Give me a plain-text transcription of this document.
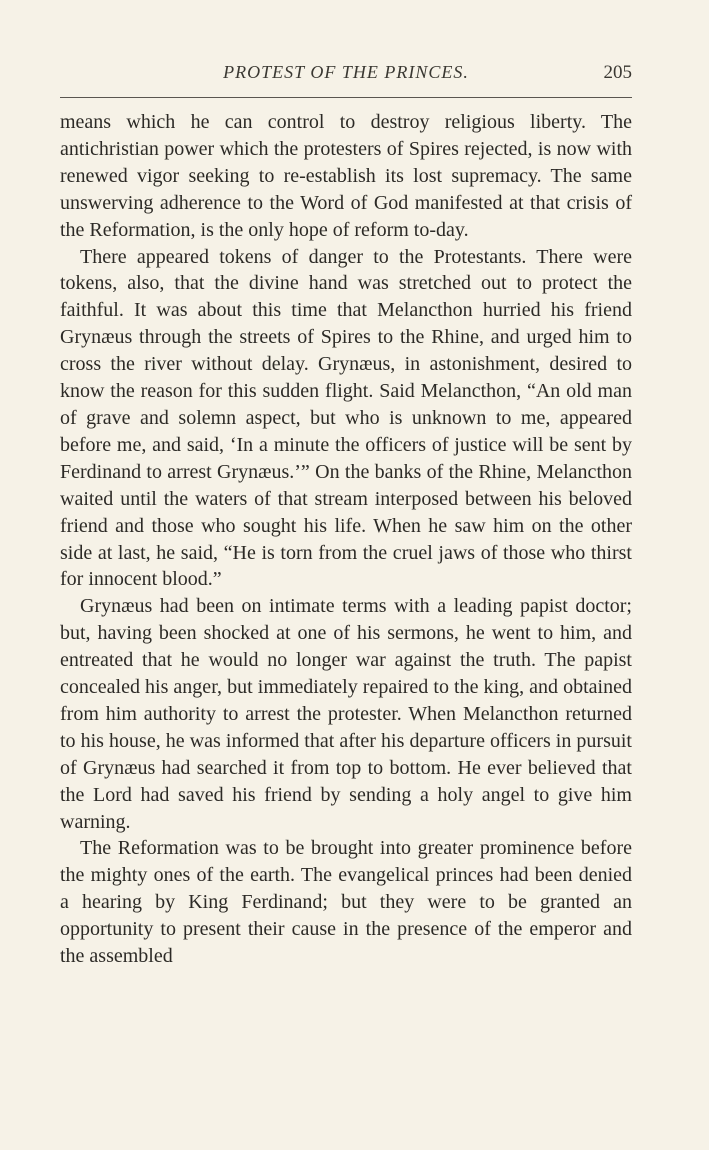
PROTEST OF THE PRINCES.	205

means which he can control to destroy religious liberty. The antichristian power which the protesters of Spires rejected, is now with renewed vigor seeking to re-establish its lost supremacy. The same unswerving adherence to the Word of God manifested at that crisis of the Reformation, is the only hope of reform to-day.

There appeared tokens of danger to the Protestants. There were tokens, also, that the divine hand was stretched out to protect the faithful. It was about this time that Melancthon hurried his friend Grynæus through the streets of Spires to the Rhine, and urged him to cross the river without delay. Grynæus, in astonishment, desired to know the reason for this sudden flight. Said Melancthon, “An old man of grave and solemn aspect, but who is unknown to me, appeared before me, and said, ‘In a minute the officers of justice will be sent by Ferdinand to arrest Grynæus.’” On the banks of the Rhine, Melancthon waited until the waters of that stream interposed between his beloved friend and those who sought his life. When he saw him on the other side at last, he said, “He is torn from the cruel jaws of those who thirst for innocent blood.”

Grynæus had been on intimate terms with a leading papist doctor; but, having been shocked at one of his sermons, he went to him, and entreated that he would no longer war against the truth. The papist concealed his anger, but immediately repaired to the king, and obtained from him authority to arrest the protester. When Melancthon returned to his house, he was informed that after his departure officers in pursuit of Grynæus had searched it from top to bottom. He ever believed that the Lord had saved his friend by sending a holy angel to give him warning.

The Reformation was to be brought into greater prominence before the mighty ones of the earth. The evangelical princes had been denied a hearing by King Ferdinand; but they were to be granted an opportunity to present their cause in the presence of the emperor and the assembled
